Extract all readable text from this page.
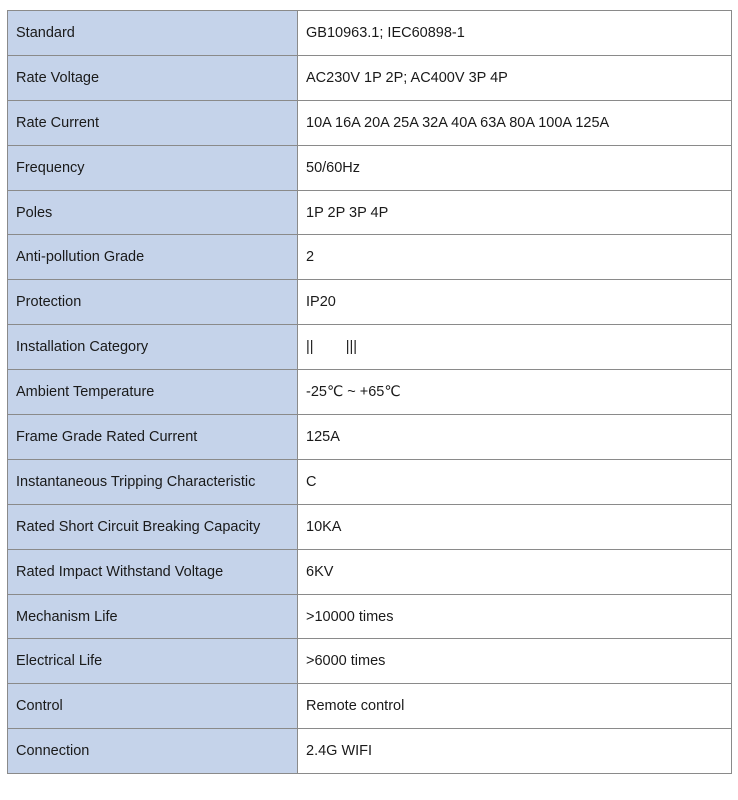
Standard	GB10963.1; IEC60898-1
Rate Voltage	AC230V 1P 2P; AC400V 3P 4P
Rate Current	10A 16A 20A 25A 32A 40A 63A 80A 100A 125A
Frequency	50/60Hz
Poles	1P 2P 3P 4P
Anti-pollution Grade	2
Protection	IP20
Installation Category	||        |||
Ambient Temperature	-25℃ ~ +65℃
Frame Grade Rated Current	125A
Instantaneous Tripping Characteristic	C
Rated Short Circuit Breaking Capacity	10KA
Rated Impact Withstand Voltage	6KV
Mechanism Life	>10000 times
Electrical Life	>6000 times
Control	Remote control
Connection	2.4G WIFI
